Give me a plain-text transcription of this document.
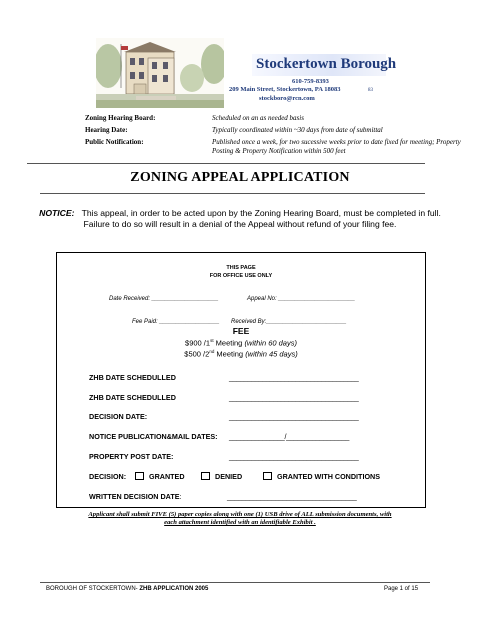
Stockertown Borough
610-759-8393
209 Main Street, Stockertown, PA 18083
stockboro@rcn.com
83
Zoning Hearing Board:	Scheduled on an as needed basis
Hearing Date:	Typically coordinated within ~30 days from date of submittal
Public Notification:	Published once a week, for two sucessive weeks prior to date fixed for meeting; Property Posting & Property Notification within 500 feet
ZONING APPEAL APPLICATION
NOTICE: This appeal, in order to be acted upon by the Zoning Hearing Board, must be completed in full. Failure to do so will result in a denial of the Appeal without refund of your filing fee.
THIS PAGE
FOR OFFICE USE ONLY
Date Received: ____________________	Appeal No: _______________________
Fee Paid: __________________ Received By:________________________
FEE
$900 /1st Meeting (within 60 days)
$500 /2nd Meeting (within 45 days)
ZHB DATE SCHEDULLED	___________________________________
ZHB DATE SCHEDULLED	___________________________________
DECISION DATE:	___________________________________
NOTICE PUBLICATION&MAIL DATES: _______________/_________________
PROPERTY POST DATE:	___________________________________
DECISION:	GRANTED	DENIED	GRANTED WITH CONDITIONS
WRITTEN DECISION DATE:	___________________________________
Applicant shall submit FIVE (5) paper copies along with one (1) USB drive of ALL submission documents, with
each attachment identified with an identifiable Exhibit .
BOROUGH OF STOCKERTOWN- ZHB APPLICATION 2005	Page 1 of 15
